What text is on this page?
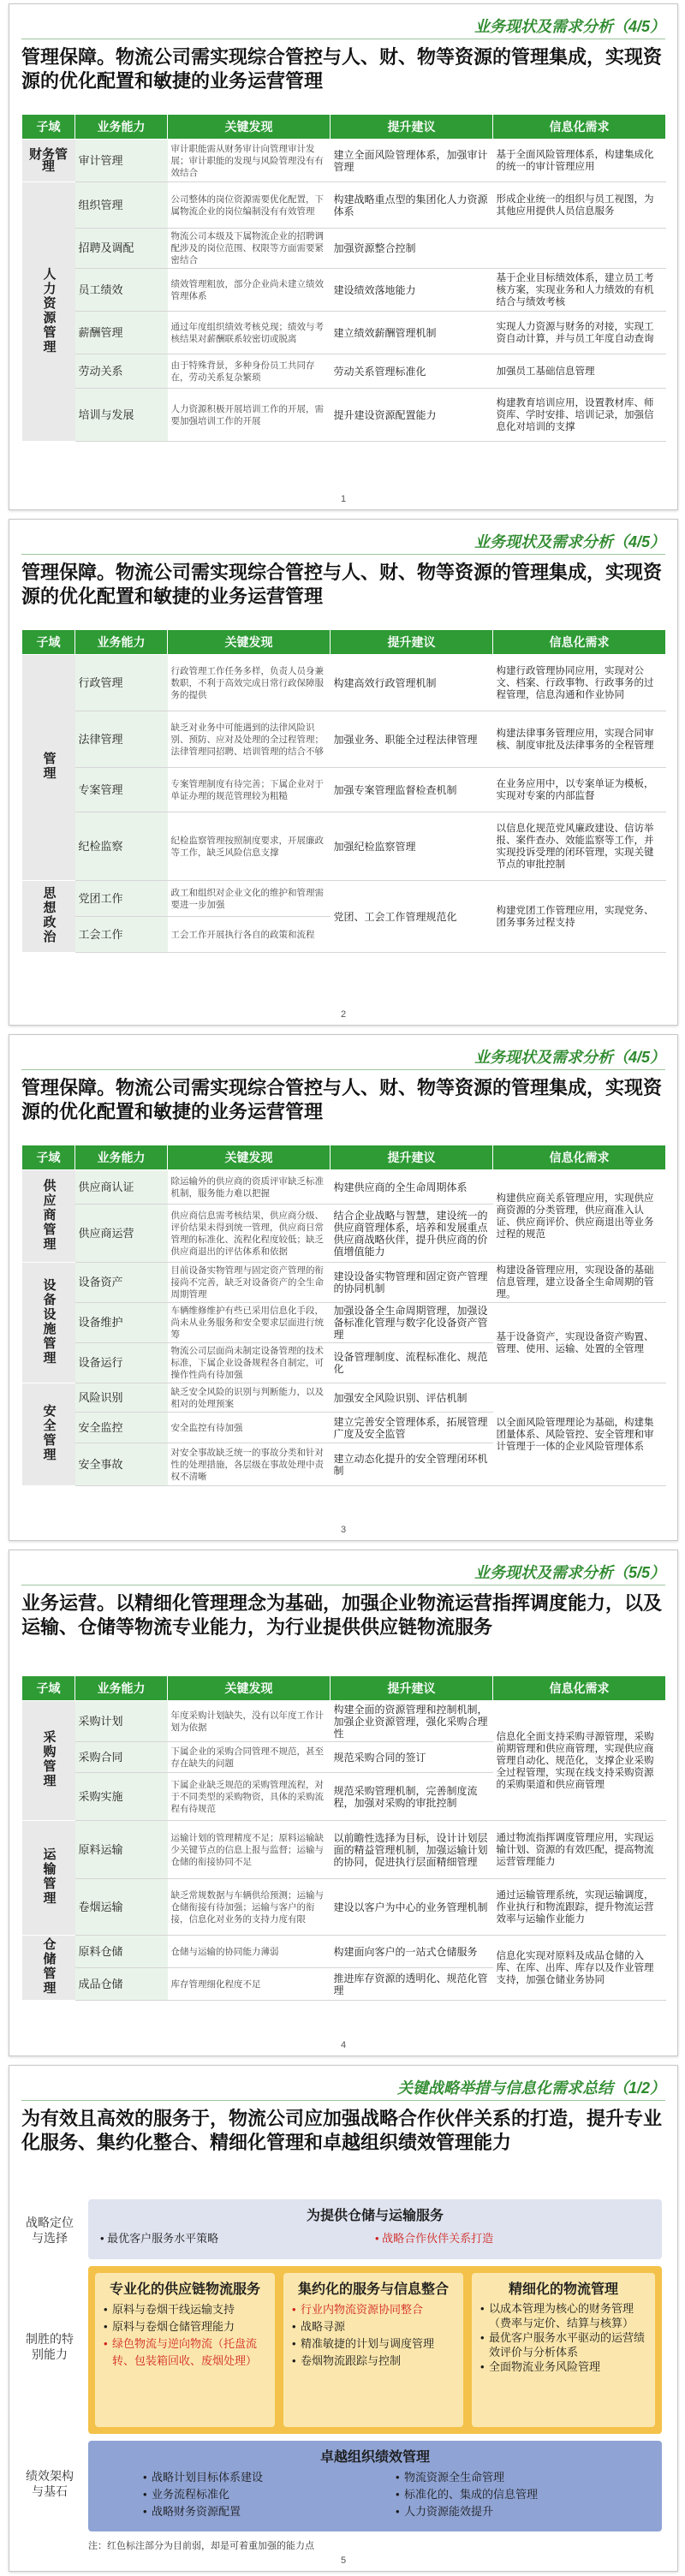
业务现状及需求分析（4/5）
管理保障。物流公司需实现综合管控与人、财、物等资源的管理集成，实现资源的优化配置和敏捷的业务运营管理
子域	业务能力	关键发现	提升建议	信息化需求
财务管理	审计管理	审计职能需从财务审计向管理审计发展；审计职能的发现与风险管理没有有效结合	建立全面风险管理体系，加强审计管理	基于全面风险管理体系，构建集成化的统一的审计管理应用
人力资源管理	组织管理	公司整体的岗位资源需要优化配置，下属物流企业的岗位编制没有有效管理	构建战略重点型的集团化人力资源体系	形成企业统一的组织与员工视图，为其他应用提供人员信息服务
	招聘及调配	物流公司本级及下属物流企业的招聘调配涉及的岗位范围、权限等方面需要紧密结合	加强资源整合控制	
	员工绩效	绩效管理粗放，部分企业尚未建立绩效管理体系	建设绩效落地能力	基于企业目标绩效体系，建立员工考核方案，实现业务和人力绩效的有机结合与绩效考核
	薪酬管理	通过年度组织绩效考核兑现；绩效与考核结果对薪酬联系较密切或脱离	建立绩效薪酬管理机制	实现人力资源与财务的对接，实现工资自动计算，并与员工年度自动查询
	劳动关系	由于特殊背景，多种身份员工共同存在，劳动关系复杂繁琐	劳动关系管理标准化	加强员工基础信息管理
	培训与发展	人力资源积极开展培训工作的开展，需要加强培训工作的开展	提升建设资源配置能力	构建教育培训应用，设置教材库、师资库、学时安排、培训记录，加强信息化对培训的支撑
1
业务现状及需求分析（4/5）
管理保障。物流公司需实现综合管控与人、财、物等资源的管理集成，实现资源的优化配置和敏捷的业务运营管理
子域	业务能力	关键发现	提升建议	信息化需求
管理	行政管理	行政管理工作任务多样，负责人员身兼数职，不利于高效完成日常行政保障服务的提供	构建高效行政管理机制	构建行政管理协同应用，实现对公文、档案、行政事物、行政事务的过程管理，信息沟通和作业协同
	法律管理	缺乏对业务中可能遇到的法律风险识别、预防、应对及处理的全过程管理；法律管理同招聘、培训管理的结合不够	加强业务、职能全过程法律管理	构建法律事务管理应用，实现合同审核、制度审批及法律事务的全程管理
	专案管理	专案管理制度有待完善；下属企业对于单证办理的规范管理较为粗糙	加强专案管理监督检查机制	在业务应用中，以专案单证为模板，实现对专案的内部监督
	纪检监察	纪检监察管理按照制度要求，开展廉政等工作，缺乏风险信息支撑	加强纪检监察管理	以信息化规范党风廉政建设、信访举报、案件查办、效能监察等工作，并实现投诉受理的闭环管理，实现关键节点的审批控制
思想政治	党团工作	政工和组织对企业文化的维护和管理需要进一步加强	党团、工会工作管理规范化	构建党团工作管理应用，实现党务、团务事务过程支持
	工会工作	工会工作开展执行各自的政策和流程		
2
业务现状及需求分析（4/5）
管理保障。物流公司需实现综合管控与人、财、物等资源的管理集成，实现资源的优化配置和敏捷的业务运营管理
子域	业务能力	关键发现	提升建议	信息化需求
供应商管理	供应商认证	除运输外的供应商的资质评审缺乏标准机制，服务能力难以把握	构建供应商的全生命周期体系	构建供应商关系管理应用，实现供应商资源的分类管理，供应商准入认证、供应商评价、供应商退出等业务过程的规范
	供应商运营	供应商信息需考核结果，供应商分级、评价结果未得到统一管理，供应商日常管理的标准化、流程化程度较低；缺乏供应商退出的评估体系和依据	结合企业战略与智慧，建设统一的供应商管理体系，培养和发展重点供应商战略伙伴，提升供应商的价值增值能力	
设备设施管理	设备资产	目前设备实物管理与固定资产管理的衔接尚不完善，缺乏对设备资产的全生命周期管理	建设设备实物管理和固定资产管理的协同机制	构建设备管理应用，实现设备的基础信息管理，建立设备全生命周期的管理。
	设备维护	车辆维修维护有些已采用信息化手段，尚未从业务服务和安全要求层面进行统筹	加强设备全生命周期管理，加强设备标准化管理与数字化设备资产管理	基于设备资产，实现设备资产购置、管理、使用、运输、处置的全管理
	设备运行	物流公司层面尚未制定设备管理的技术标准，下属企业设备规程各自制定，可操作性尚有待加强	设备管理制度、流程标准化、规范化	
安全管理	风险识别	缺乏安全风险的识别与判断能力，以及相对的处理预案	加强安全风险识别、评估机制	以全面风险管理理论为基础，构建集团量体系、风险管控、安全管理和审计管理于一体的企业风险管理体系
	安全监控	安全监控有待加强	建立完善安全管理体系，拓展管理广度及安全监管	
	安全事故	对安全事故缺乏统一的事故分类和针对性的处理措施，各层级在事故处理中责权不清晰	建立动态化提升的安全管理闭环机制	
3
业务现状及需求分析（5/5）
业务运营。以精细化管理理念为基础，加强企业物流运营指挥调度能力，以及运输、仓储等物流专业能力，为行业提供供应链物流服务
子域	业务能力	关键发现	提升建议	信息化需求
采购管理	采购计划	年度采购计划缺失，没有以年度工作计划为依据	构建全面的资源管理和控制机制，加强企业资源管理，强化采购合理性	信息化全面支持采购寻源管理，采购前期管理和供应商管理，实现供应商管理自动化、规范化，支撑企业采购全过程管理，实现在线支持采购资源的采购渠道和供应商管理
	采购合同	下属企业的采购合同管理不规范，甚至存在缺失的问题	规范采购合同的签订	
	采购实施	下属企业缺乏规范的采购管理流程，对于不同类型的采购物资，具体的采购流程有待规范	规范采购管理机制，完善制度流程，加强对采购的审批控制	
运输管理	原料运输	运输计划的管理精度不足；原料运输缺少关键节点的信息上报与监督；运输与仓储的衔接协同不足	以前瞻性选择为目标，设计计划层面的精益管理机制，加强运输计划的协同，促进执行层面精细管理	通过物流指挥调度管理应用，实现运输计划、资源的有效匹配，提高物流运营管理能力
	卷烟运输	缺乏常规数据与车辆供给预测；运输与仓储衔接有待加强；运输与客户的衔接，信息化对业务的支持力度有限	建设以客户为中心的业务管理机制	通过运输管理系统，实现运输调度，作业执行和物流跟踪，提升物流运营效率与运输作业能力
仓储管理	原料仓储	仓储与运输的协同能力薄弱	构建面向客户的一站式仓储服务	信息化实现对原料及成品仓储的入库、在库、出库、库存以及作业管理支持，加强仓储业务协同
	成品仓储	库存管理细化程度不足	推进库存资源的透明化、规范化管理	
4
关键战略举措与信息化需求总结（1/2）
为有效且高效的服务于，物流公司应加强战略合作伙伴关系的打造，提升专业化服务、集约化整合、精细化管理和卓越组织绩效管理能力
战略定位与选择
制胜的特别能力
绩效架构与基石
为提供仓储与运输服务
• 最优客户服务水平策略	• 战略合作伙伴关系打造
专业化的供应链物流服务
• 原料与卷烟干线运输支持
• 原料与卷烟仓储管理能力
• 绿色物流与逆向物流（托盘流转、包装箱回收、废烟处理）
集约化的服务与信息整合
• 行业内物流资源协同整合
• 战略寻源
• 精准敏捷的计划与调度管理
• 卷烟物流跟踪与控制
精细化的物流管理
• 以成本管理为核心的财务管理（费率与定价、结算与核算）
• 最优客户服务水平驱动的运营绩效评价与分析体系
• 全面物流业务风险管理
卓越组织绩效管理
• 战略计划目标体系建设
• 业务流程标准化
• 战略财务资源配置
• 物流资源全生命管理
• 标准化的、集成的信息管理
• 人力资源能效提升
注：红色标注部分为目前弱，却是可着重加强的能力点
5
